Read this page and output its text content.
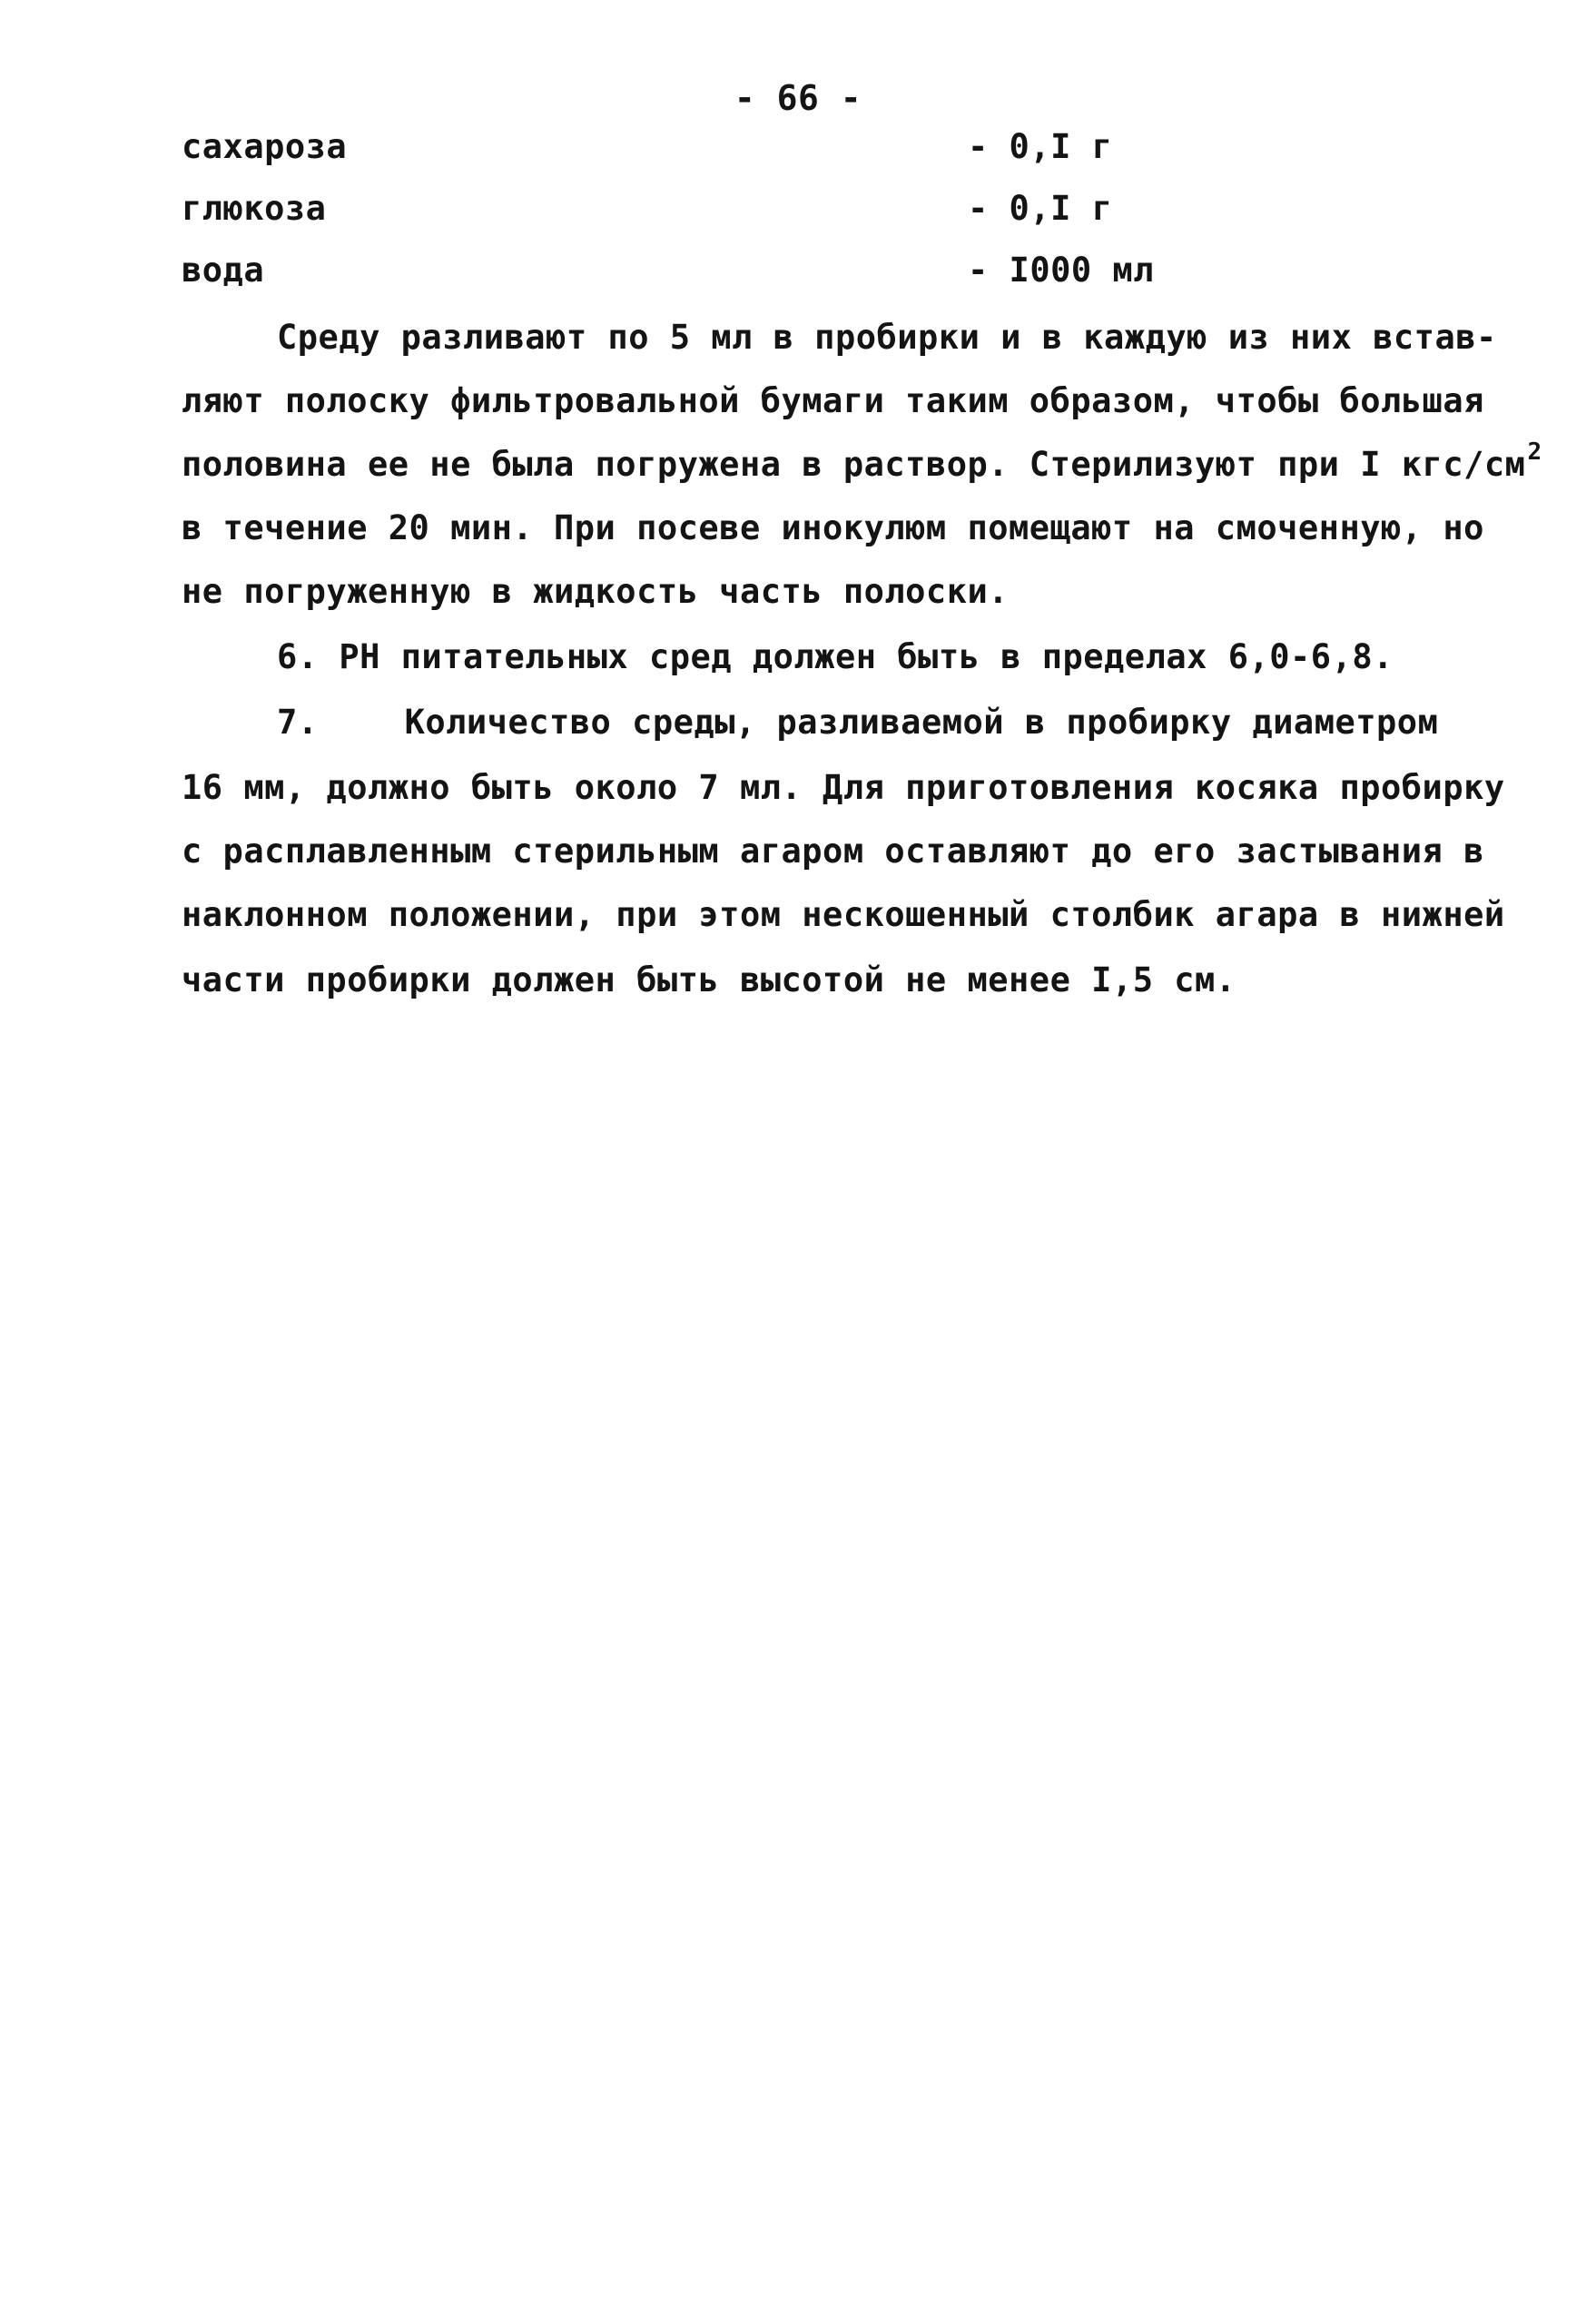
- 66 -
сахароза	- 0,I г
глюкоза	- 0,I г
вода	- I000 мл
Среду разливают по 5 мл в пробирки и в каждую из них встав-
ляют полоску фильтровальной бумаги таким образом, чтобы большая
половина ее не была погружена в раствор. Стерилизуют при I кгс/$см^2$
в течение 20 мин. При посеве инокулюм помещают на смоченную, но
не погруженную в жидкость часть полоски.
6. РН питательных сред должен быть в пределах 6,0-6,8.
7.	Количество среды, разливаемой в пробирку диаметром
16 мм, должно быть около 7 мл. Для приготовления косяка пробирку
с расплавленным стерильным агаром оставляют до его застывания в
наклонном положении, при этом нескошенный столбик агара в нижней
части пробирки должен быть высотой не менее I,5 см.
